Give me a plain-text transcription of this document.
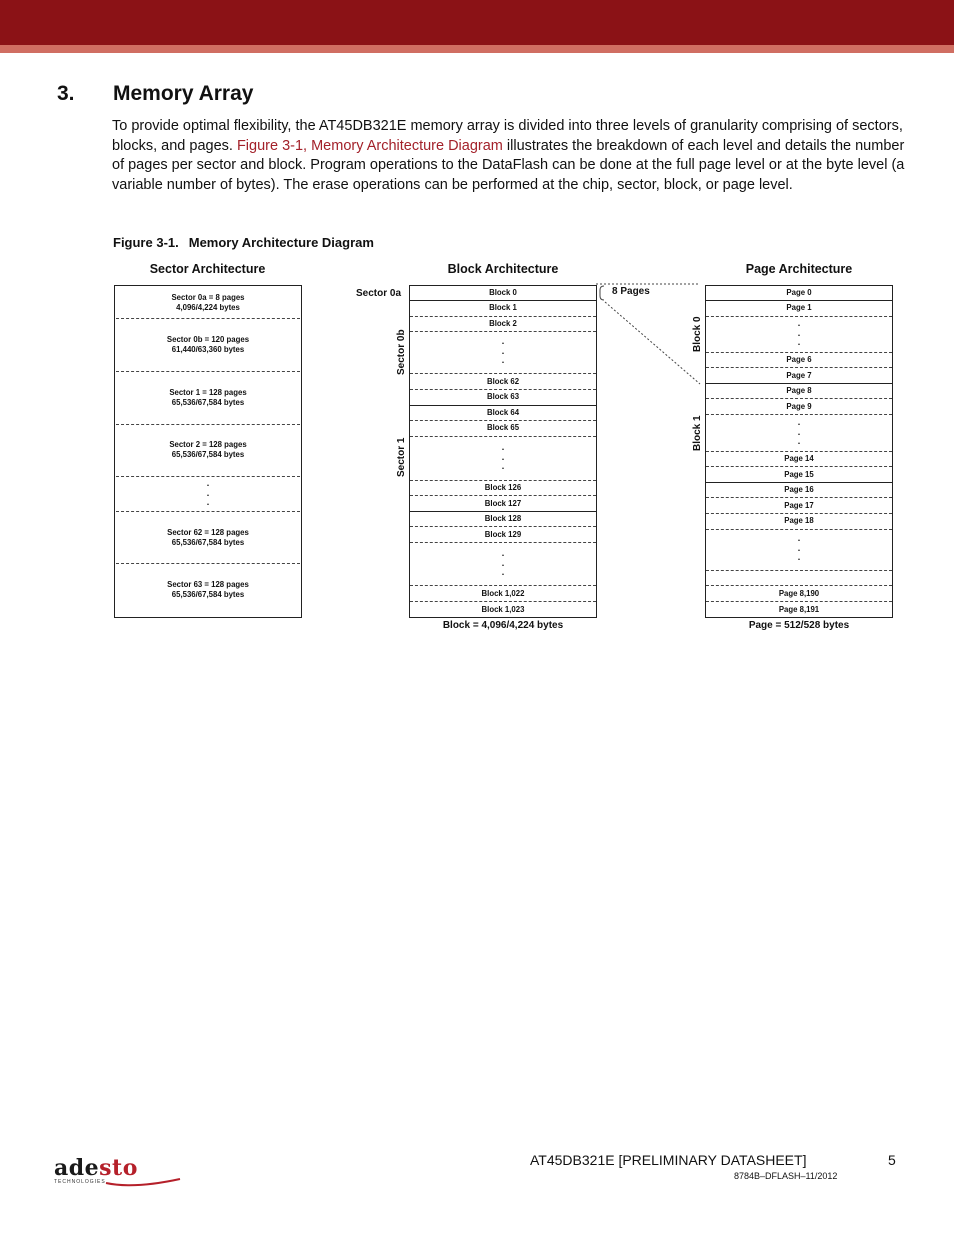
3. Memory Array
To provide optimal flexibility, the AT45DB321E memory array is divided into three levels of granularity comprising of sectors, blocks, and pages. Figure 3-1, Memory Architecture Diagram illustrates the breakdown of each level and details the number of pages per sector and block. Program operations to the DataFlash can be done at the full page level or at the byte level (a variable number of bytes). The erase operations can be performed at the chip, sector, block, or page level.
Figure 3-1. Memory Architecture Diagram
Sector Architecture
Sector 0a = 8 pages
4,096/4,224 bytes
Sector 0b = 120 pages
61,440/63,360 bytes
Sector 1 = 128 pages
65,536/67,584 bytes
Sector 2 = 128 pages
65,536/67,584 bytes
.
.
.
Sector 62 = 128 pages
65,536/67,584 bytes
Sector 63 = 128 pages
65,536/67,584 bytes
Block Architecture
Block 0
Block 1
Block 2
.
.
.
Block 62
Block 63
Block 64
Block 65
.
.
.
Block 126
Block 127
Block 128
Block 129
.
.
.
Block 1,022
Block 1,023
Sector 0a
Sector 0b
Sector 1
Block = 4,096/4,224 bytes
8 Pages
Page Architecture
Page 0
Page 1
.
.
.
Page 6
Page 7
Page 8
Page 9
.
.
.
Page 14
Page 15
Page 16
Page 17
Page 18
.
.
.
Page 8,190
Page 8,191
Block 0
Block 1
Page = 512/528 bytes
adesto
TECHNOLOGIES
AT45DB321E [PRELIMINARY DATASHEET]	5
8784B–DFLASH–11/2012
